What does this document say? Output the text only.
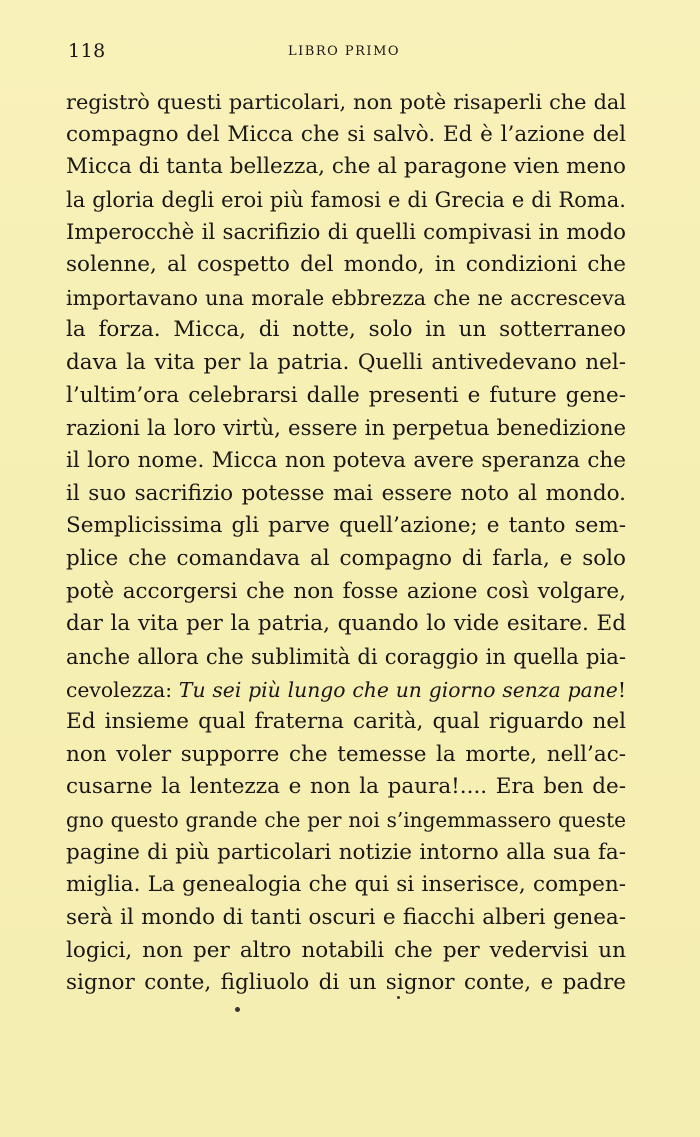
118	LIBRO PRIMO
registrò questi particolari, non potè risaperli che dal
compagno del Micca che si salvò. Ed è l’azione del
Micca di tanta bellezza, che al paragone vien meno
la gloria degli eroi più famosi e di Grecia e di Roma.
Imperocchè il sacrifizio di quelli compivasi in modo
solenne, al cospetto del mondo, in condizioni che
importavano una morale ebbrezza che ne accresceva
la forza. Micca, di notte, solo in un sotterraneo
dava la vita per la patria. Quelli antivedevano nel-
l’ultim’ora celebrarsi dalle presenti e future gene-
razioni la loro virtù, essere in perpetua benedizione
il loro nome. Micca non poteva avere speranza che
il suo sacrifizio potesse mai essere noto al mondo.
Semplicissima gli parve quell’azione; e tanto sem-
plice che comandava al compagno di farla, e solo
potè accorgersi che non fosse azione così volgare,
dar la vita per la patria, quando lo vide esitare. Ed
anche allora che sublimità di coraggio in quella pia-
cevolezza: Tu sei più lungo che un giorno senza pane!
Ed insieme qual fraterna carità, qual riguardo nel
non voler supporre che temesse la morte, nell’ac-
cusarne la lentezza e non la paura!.... Era ben de-
gno questo grande che per noi s’ingemmassero queste
pagine di più particolari notizie intorno alla sua fa-
miglia. La genealogia che qui si inserisce, compen-
serà il mondo di tanti oscuri e fiacchi alberi genea-
logici, non per altro notabili che per vedervisi un
signor conte, figliuolo di un signor conte, e padre
